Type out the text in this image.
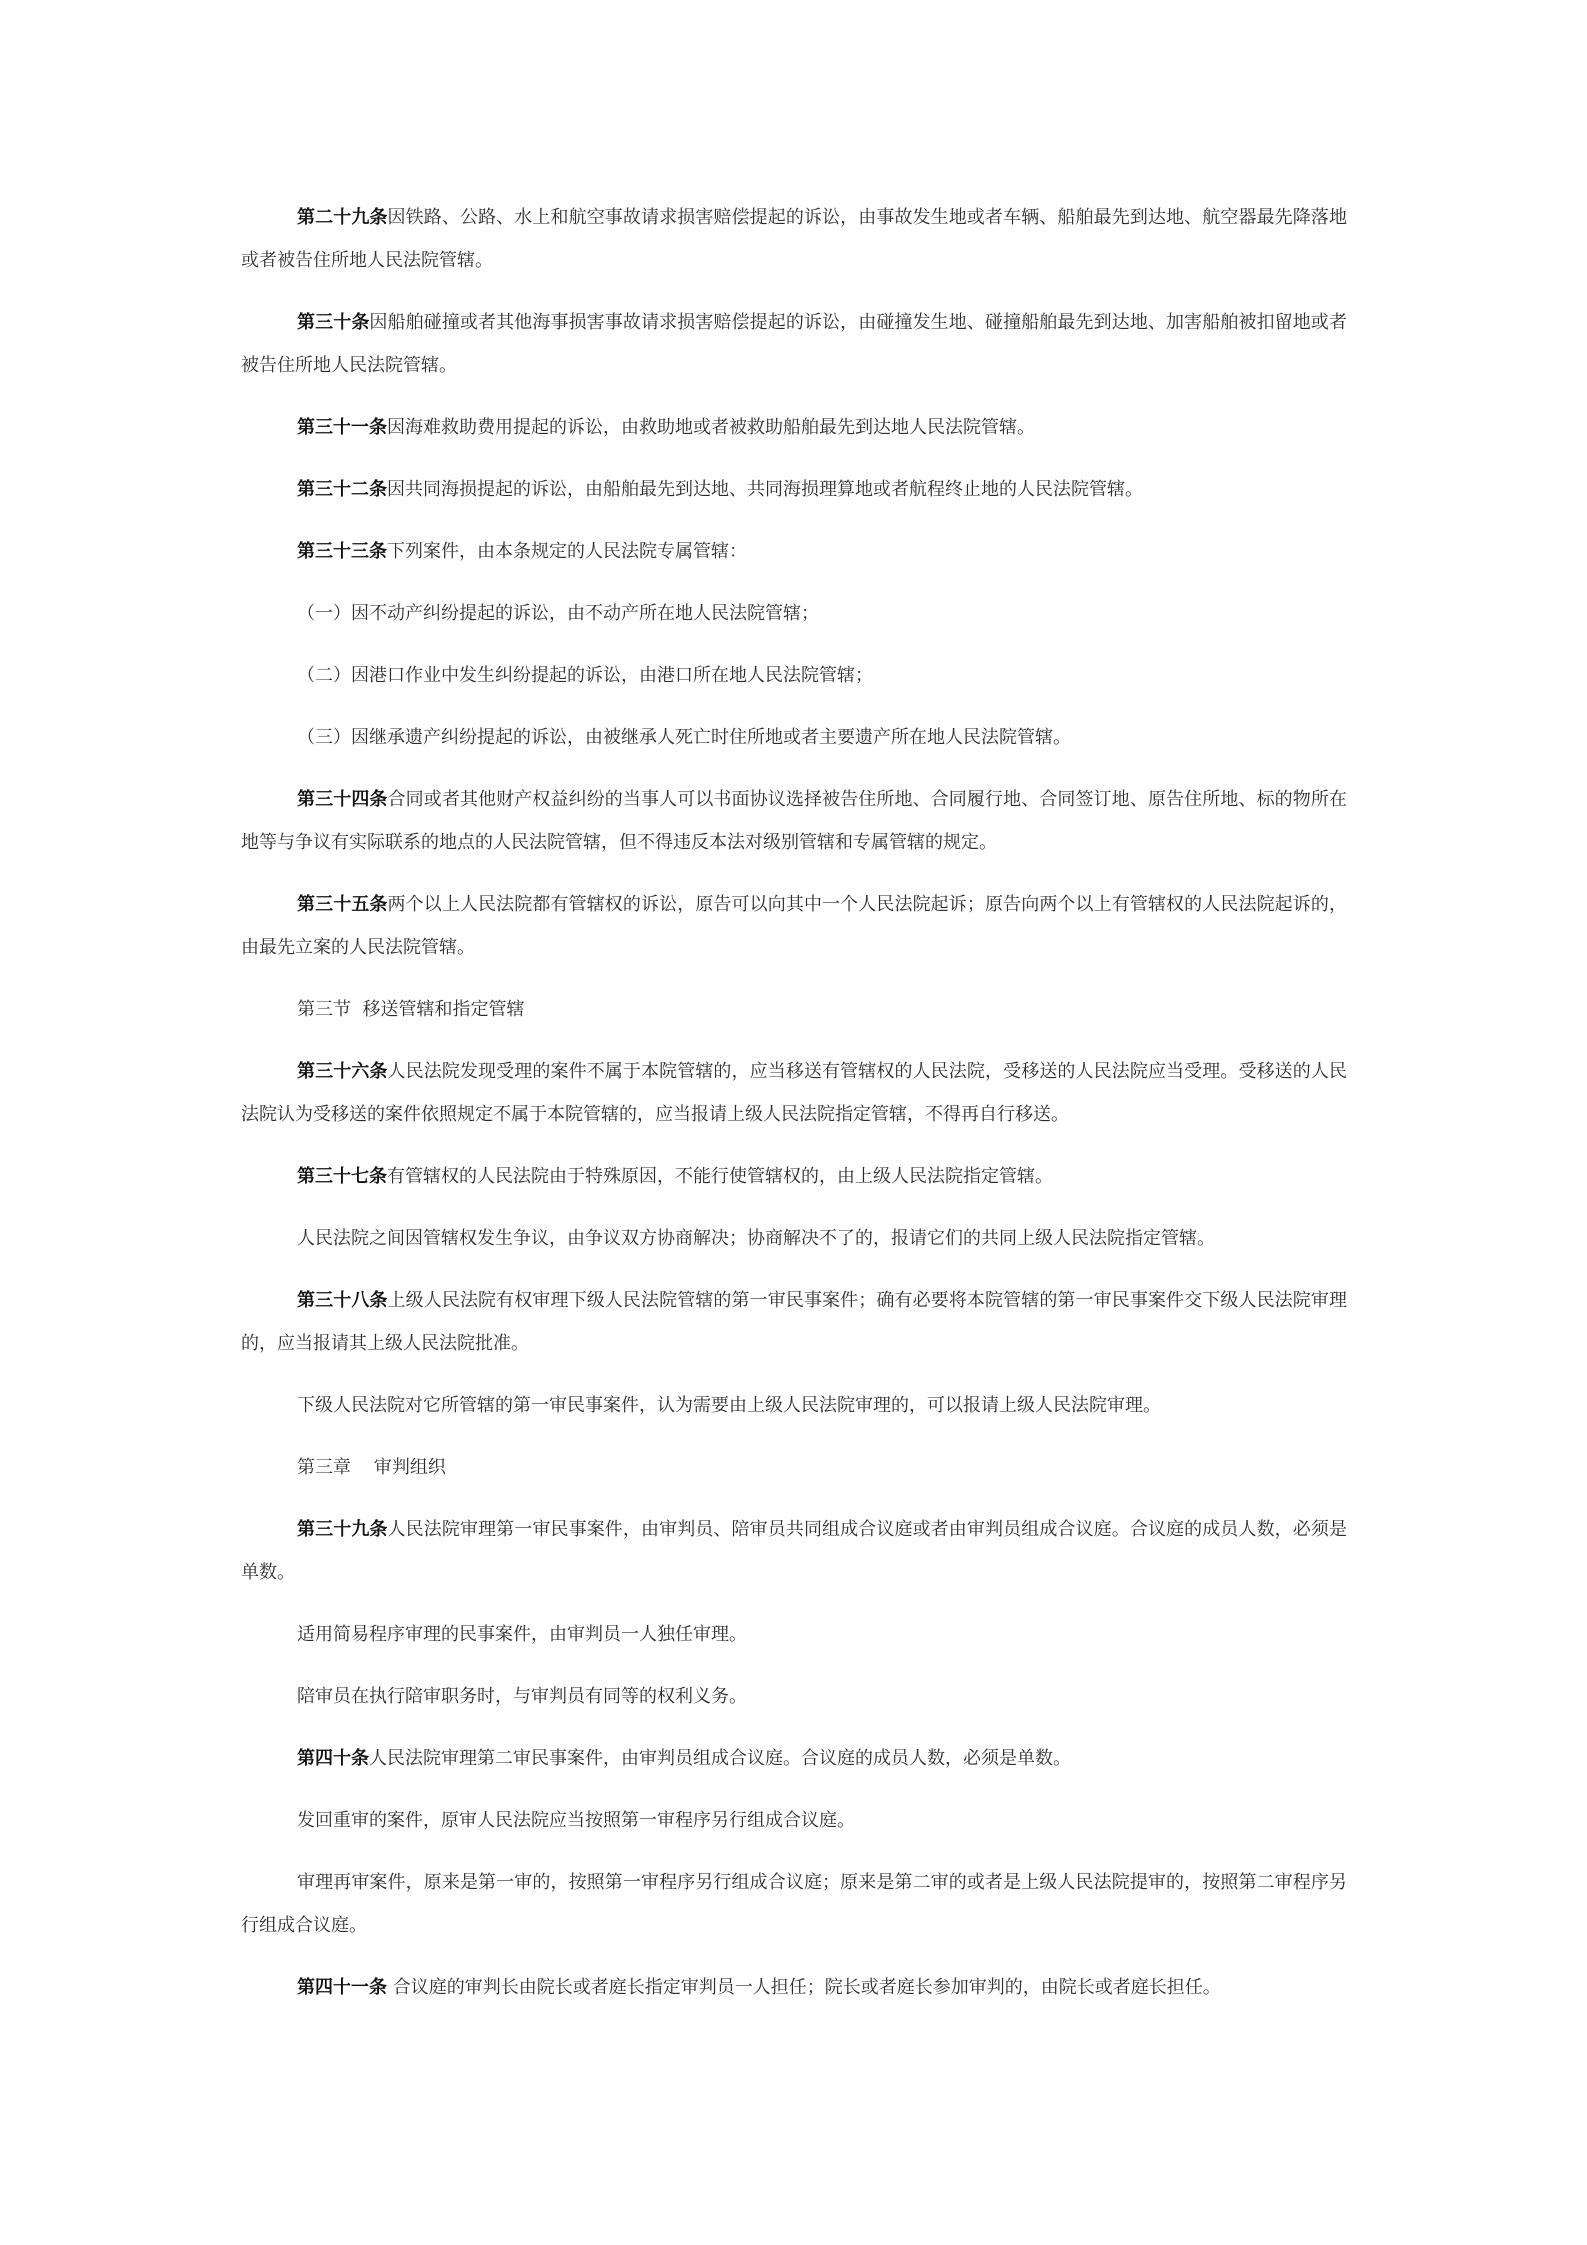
第二十九条因铁路、公路、水上和航空事故请求损害赔偿提起的诉讼，由事故发生地或者车辆、船舶最先到达地、航空器最先降落地或者被告住所地人民法院管辖。

第三十条因船舶碰撞或者其他海事损害事故请求损害赔偿提起的诉讼，由碰撞发生地、碰撞船舶最先到达地、加害船舶被扣留地或者被告住所地人民法院管辖。

第三十一条因海难救助费用提起的诉讼，由救助地或者被救助船舶最先到达地人民法院管辖。

第三十二条因共同海损提起的诉讼，由船舶最先到达地、共同海损理算地或者航程终止地的人民法院管辖。

第三十三条下列案件，由本条规定的人民法院专属管辖：

（一）因不动产纠纷提起的诉讼，由不动产所在地人民法院管辖；

（二）因港口作业中发生纠纷提起的诉讼，由港口所在地人民法院管辖；

（三）因继承遗产纠纷提起的诉讼，由被继承人死亡时住所地或者主要遗产所在地人民法院管辖。

第三十四条合同或者其他财产权益纠纷的当事人可以书面协议选择被告住所地、合同履行地、合同签订地、原告住所地、标的物所在地等与争议有实际联系的地点的人民法院管辖，但不得违反本法对级别管辖和专属管辖的规定。

第三十五条两个以上人民法院都有管辖权的诉讼，原告可以向其中一个人民法院起诉；原告向两个以上有管辖权的人民法院起诉的，由最先立案的人民法院管辖。

第三节  移送管辖和指定管辖

第三十六条人民法院发现受理的案件不属于本院管辖的，应当移送有管辖权的人民法院，受移送的人民法院应当受理。受移送的人民法院认为受移送的案件依照规定不属于本院管辖的，应当报请上级人民法院指定管辖，不得再自行移送。

第三十七条有管辖权的人民法院由于特殊原因，不能行使管辖权的，由上级人民法院指定管辖。

人民法院之间因管辖权发生争议，由争议双方协商解决；协商解决不了的，报请它们的共同上级人民法院指定管辖。

第三十八条上级人民法院有权审理下级人民法院管辖的第一审民事案件；确有必要将本院管辖的第一审民事案件交下级人民法院审理的，应当报请其上级人民法院批准。

下级人民法院对它所管辖的第一审民事案件，认为需要由上级人民法院审理的，可以报请上级人民法院审理。

第三章    审判组织

第三十九条人民法院审理第一审民事案件，由审判员、陪审员共同组成合议庭或者由审判员组成合议庭。合议庭的成员人数，必须是单数。

适用简易程序审理的民事案件，由审判员一人独任审理。

陪审员在执行陪审职务时，与审判员有同等的权利义务。

第四十条人民法院审理第二审民事案件，由审判员组成合议庭。合议庭的成员人数，必须是单数。

发回重审的案件，原审人民法院应当按照第一审程序另行组成合议庭。

审理再审案件，原来是第一审的，按照第一审程序另行组成合议庭；原来是第二审的或者是上级人民法院提审的，按照第二审程序另行组成合议庭。

第四十一条 合议庭的审判长由院长或者庭长指定审判员一人担任；院长或者庭长参加审判的，由院长或者庭长担任。
